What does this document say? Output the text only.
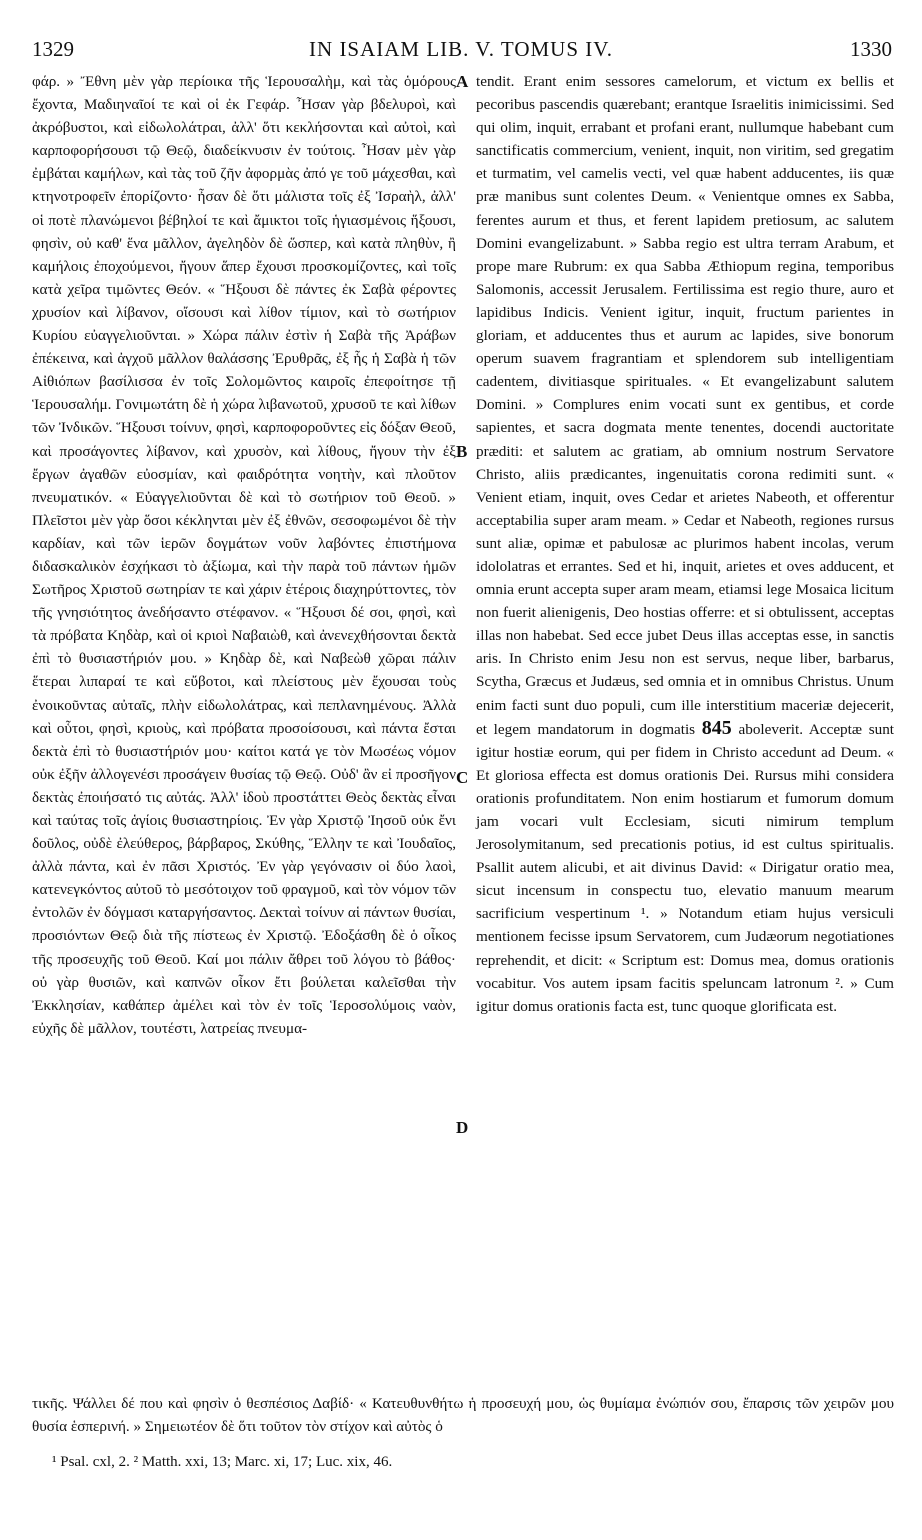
IN ISAIAM LIB. V. TOMUS IV.
1329	1330

φάρ. » Ἔθνη μὲν γὰρ περίοικα τῆς Ἱερουσαλὴμ, καὶ τὰς ὁμόρους ἔχοντα, Μαδιηναῖοί τε καὶ οἱ ἐκ Γεφάρ. Ἦσαν γὰρ βδελυροὶ, καὶ ἀκρόβυστοι, καὶ εἰδωλολάτραι, ἀλλ' ὅτι κεκλήσονται καὶ αὐτοὶ, καὶ καρποφορήσουσι τῷ Θεῷ, διαδείκνυσιν ἐν τούτοις. Ἦσαν μὲν γὰρ ἐμβάται καμήλων, καὶ τὰς τοῦ ζῆν ἀφορμὰς ἀπό γε τοῦ μάχεσθαι, καὶ κτηνοτροφεῖν ἐπορίζοντο· ἦσαν δὲ ὅτι μάλιστα τοῖς ἐξ Ἰσραὴλ, ἀλλ' οἱ ποτὲ πλανώμενοι βέβηλοί τε καὶ ἄμικτοι τοῖς ἡγιασμένοις ἥξουσι, φησὶν, οὐ καθ' ἕνα μᾶλλον, ἀγεληδὸν δὲ ὥσπερ, καὶ κατὰ πληθὺν, ἢ καμήλοις ἐποχούμενοι, ἤγουν ἅπερ ἔχουσι προσκομίζοντες, καὶ τοῖς κατὰ χεῖρα τιμῶντες Θεόν. « Ἥξουσι δὲ πάντες ἐκ Σαβὰ φέροντες χρυσίον καὶ λίβανον, οἴσουσι καὶ λίθον τίμιον, καὶ τὸ σωτήριον Κυρίου εὐαγγελιοῦνται. » Χώρα πάλιν ἐστὶν ἡ Σαβὰ τῆς Ἀράβων ἐπέκεινα, καὶ ἀγχοῦ μᾶλλον θαλάσσης Ἐρυθρᾶς, ἐξ ἧς ἡ Σαβὰ ἡ τῶν Αἰθιόπων βασίλισσα ἐν τοῖς Σολομῶντος καιροῖς ἐπεφοίτησε τῇ Ἱερουσαλήμ. Γονιμωτάτη δὲ ἡ χώρα λιβανωτοῦ, χρυσοῦ τε καὶ λίθων τῶν Ἰνδικῶν. Ἥξουσι τοίνυν, φησὶ, καρποφοροῦντες εἰς δόξαν Θεοῦ, καὶ προσάγοντες λίβανον, καὶ χρυσὸν, καὶ λίθους, ἤγουν τὴν ἐξ ἔργων ἀγαθῶν εὐοσμίαν, καὶ φαιδρότητα νοητὴν, καὶ πλοῦτον πνευματικόν. « Εὐαγγελιοῦνται δὲ καὶ τὸ σωτήριον τοῦ Θεοῦ. » Πλεῖστοι μὲν γὰρ ὅσοι κέκληνται μὲν ἐξ ἐθνῶν, σεσοφωμένοι δὲ τὴν καρδίαν, καὶ τῶν ἱερῶν δογμάτων νοῦν λαβόντες ἐπιστήμονα διδασκαλικὸν ἐσχήκασι τὸ ἀξίωμα, καὶ τὴν παρὰ τοῦ πάντων ἡμῶν Σωτῆρος Χριστοῦ σωτηρίαν τε καὶ χάριν ἑτέροις διαχηρύττοντες, τὸν τῆς γνησιότητος ἀνεδήσαντο στέφανον. « Ἥξουσι δέ σοι, φησὶ, καὶ τὰ πρόβατα Κηδὰρ, καὶ οἱ κριοὶ Ναβαιὼθ, καὶ ἀνενεχθήσονται δεκτὰ ἐπὶ τὸ θυσιαστήριόν μου. » Κηδὰρ δὲ, καὶ Ναβεὼθ χῶραι πάλιν ἕτεραι λιπαραί τε καὶ εὔβοτοι, καὶ πλείστους μὲν ἔχουσαι τοὺς ἐνοικοῦντας αὐταῖς, πλὴν εἰδωλολάτρας, καὶ πεπλανημένους. Ἀλλὰ καὶ οὗτοι, φησὶ, κριοὺς, καὶ πρόβατα προσοίσουσι, καὶ πάντα ἔσται δεκτὰ ἐπὶ τὸ θυσιαστήριόν μου· καίτοι κατά γε τὸν Μωσέως νόμον οὐκ ἐξῆν ἀλλογενέσι προσάγειν θυσίας τῷ Θεῷ. Οὐδ' ἂν εἰ προσῆγον δεκτὰς ἐποιήσατό τις αὐτάς. Ἀλλ' ἰδοὺ προστάττει Θεὸς δεκτὰς εἶναι καὶ ταύτας τοῖς ἁγίοις θυσιαστηρίοις. Ἐν γὰρ Χριστῷ Ἰησοῦ οὐκ ἔνι δοῦλος, οὐδὲ ἐλεύθερος, βάρβαρος, Σκύθης, Ἕλλην τε καὶ Ἰουδαῖος, ἀλλὰ πάντα, καὶ ἐν πᾶσι Χριστός. Ἐν γὰρ γεγόνασιν οἱ δύο λαοὶ, κατενεγκόντος αὐτοῦ τὸ μεσότοιχον τοῦ φραγμοῦ, καὶ τὸν νόμον τῶν ἐντολῶν ἐν δόγμασι καταργήσαντος. Δεκταὶ τοίνυν αἱ πάντων θυσίαι, προσιόντων Θεῷ διὰ τῆς πίστεως ἐν Χριστῷ. Ἐδοξάσθη δὲ ὁ οἶκος τῆς προσευχῆς τοῦ Θεοῦ. Καί μοι πάλιν ἄθρει τοῦ λόγου τὸ βάθος· οὐ γὰρ θυσιῶν, καὶ καπνῶν οἶκον ἔτι βούλεται καλεῖσθαι τὴν Ἐκκλησίαν, καθάπερ ἀμέλει καὶ τὸν ἐν τοῖς Ἱεροσολύμοις ναὸν, εὐχῆς δὲ μᾶλλον, τουτέστι, λατρείας πνευμα-

A
B
C
D

tendit. Erant enim sessores camelorum, et victum ex bellis et pecoribus pascendis quærebant; erantque Israelitis inimicissimi. Sed qui olim, inquit, errabant et profani erant, nullumque habebant cum sanctificatis commercium, venient, inquit, non viritim, sed gregatim et turmatim, vel camelis vecti, vel quæ habent adducentes, iis quæ præ manibus sunt colentes Deum. « Venientque omnes ex Sabba, ferentes aurum et thus, et ferent lapidem pretiosum, ac salutem Domini evangelizabunt. » Sabba regio est ultra terram Arabum, et prope mare Rubrum: ex qua Sabba Æthiopum regina, temporibus Salomonis, accessit Jerusalem. Fertilissima est regio thure, auro et lapidibus Indicis. Venient igitur, inquit, fructum parientes in gloriam, et adducentes thus et aurum ac lapides, sive bonorum operum suavem fragrantiam et splendorem sub intelligentiam cadentem, divitiasque spirituales. « Et evangelizabunt salutem Domini. » Complures enim vocati sunt ex gentibus, et corde sapientes, et sacra dogmata mente tenentes, docendi auctoritate præditi: et salutem ac gratiam, ab omnium nostrum Servatore Christo, aliis prædicantes, ingenuitatis corona redimiti sunt. « Venient etiam, inquit, oves Cedar et arietes Nabeoth, et offerentur acceptabilia super aram meam. » Cedar et Nabeoth, regiones rursus sunt aliæ, opimæ et pabulosæ ac plurimos habent incolas, verum idololatras et errantes. Sed et hi, inquit, arietes et oves adducent, et omnia erunt accepta super aram meam, etiamsi lege Mosaica licitum non fuerit alienigenis, Deo hostias offerre: et si obtulissent, acceptas illas non habebat. Sed ecce jubet Deus illas acceptas esse, in sanctis aris. In Christo enim Jesu non est servus, neque liber, barbarus, Scytha, Græcus et Judæus, sed omnia et in omnibus Christus. Unum enim facti sunt duo populi, cum ille interstitium maceriæ dejecerit, et legem mandatorum in dogmatis 845 aboleverit. Acceptæ sunt igitur hostiæ eorum, qui per fidem in Christo accedunt ad Deum. « Et gloriosa effecta est domus orationis Dei. Rursus mihi considera orationis profunditatem. Non enim hostiarum et fumorum domum jam vocari vult Ecclesiam, sicuti nimirum templum Jerosolymitanum, sed precationis potius, id est cultus spiritualis. Psallit autem alicubi, et ait divinus David: « Dirigatur oratio mea, sicut incensum in conspectu tuo, elevatio manuum mearum sacrificium vespertinum ¹. » Notandum etiam hujus versiculi mentionem fecisse ipsum Servatorem, cum Judæorum negotiationes reprehendit, et dicit: « Scriptum est: Domus mea, domus orationis vocabitur. Vos autem ipsam facitis speluncam latronum ². » Cum igitur domus orationis facta est, tunc quoque glorificata est.

τικῆς. Ψάλλει δέ που καὶ φησὶν ὁ θεσπέσιος Δαβίδ· « Κατευθυνθήτω ἡ προσευχή μου, ὡς θυμίαμα ἐνώπιόν σου, ἔπαρσις τῶν χειρῶν μου θυσία ἑσπερινή. » Σημειωτέον δὲ ὅτι τοῦτον τὸν στίχον καὶ αὐτὸς ὁ

¹ Psal. cxl, 2. ² Matth. xxi, 13; Marc. xi, 17; Luc. xix, 46.
